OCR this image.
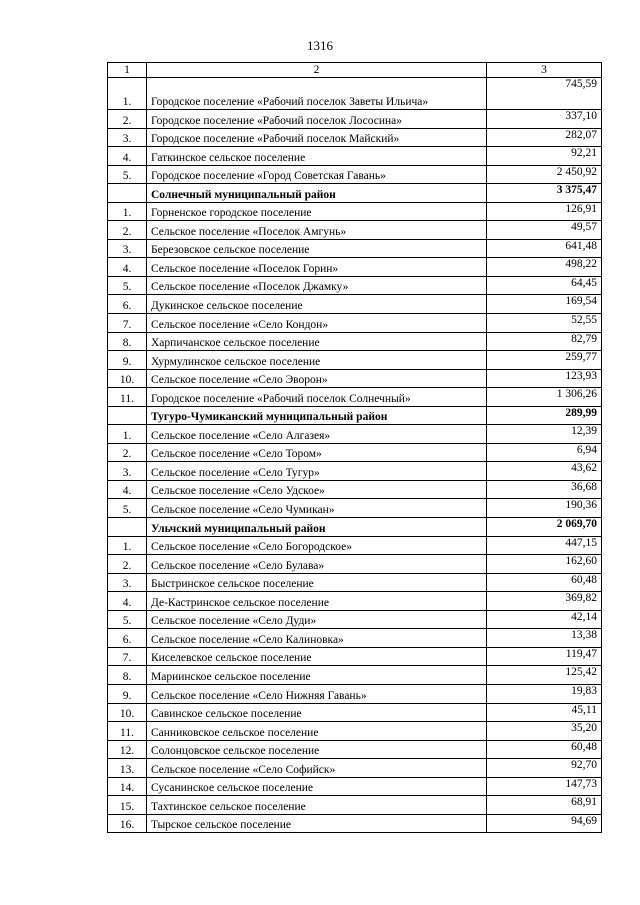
1316
1	2	3
1.	Городское поселение «Рабочий поселок Заветы Ильича»	745,59
2.	Городское поселение «Рабочий поселок Лососина»	337,10
3.	Городское поселение «Рабочий поселок Майский»	282,07
4.	Гаткинское сельское поселение	92,21
5.	Городское поселение «Город Советская Гавань»	2 450,92
	Солнечный муниципальный район	3 375,47
1.	Горненское городское поселение	126,91
2.	Сельское поселение «Поселок Амгунь»	49,57
3.	Березовское сельское поселение	641,48
4.	Сельское поселение «Поселок Горин»	498,22
5.	Сельское поселение «Поселок Джамку»	64,45
6.	Дукинское сельское поселение	169,54
7.	Сельское поселение «Село Кондон»	52,55
8.	Харпичанское сельское поселение	82,79
9.	Хурмулинское сельское поселение	259,77
10.	Сельское поселение «Село Эворон»	123,93
11.	Городское поселение «Рабочий поселок Солнечный»	1 306,26
	Тугуро-Чумиканский муниципальный район	289,99
1.	Сельское поселение «Село Алгазея»	12,39
2.	Сельское поселение «Село Тором»	6,94
3.	Сельское поселение «Село Тугур»	43,62
4.	Сельское поселение «Село Удское»	36,68
5.	Сельское поселение «Село Чумикан»	190,36
	Ульчский муниципальный район	2 069,70
1.	Сельское поселение «Село Богородское»	447,15
2.	Сельское поселение «Село Булава»	162,60
3.	Быстринское сельское поселение	60,48
4.	Де-Кастринское сельское поселение	369,82
5.	Сельское поселение «Село Дуди»	42,14
6.	Сельское поселение «Село Калиновка»	13,38
7.	Киселевское сельское поселение	119,47
8.	Мариинское сельское поселение	125,42
9.	Сельское поселение «Село Нижняя Гавань»	19,83
10.	Савинское сельское поселение	45,11
11.	Санниковское сельское поселение	35,20
12.	Солонцовское сельское поселение	60,48
13.	Сельское поселение «Село Софийск»	92,70
14.	Сусанинское сельское поселение	147,73
15.	Тахтинское сельское поселение	68,91
16.	Тырское сельское поселение	94,69
